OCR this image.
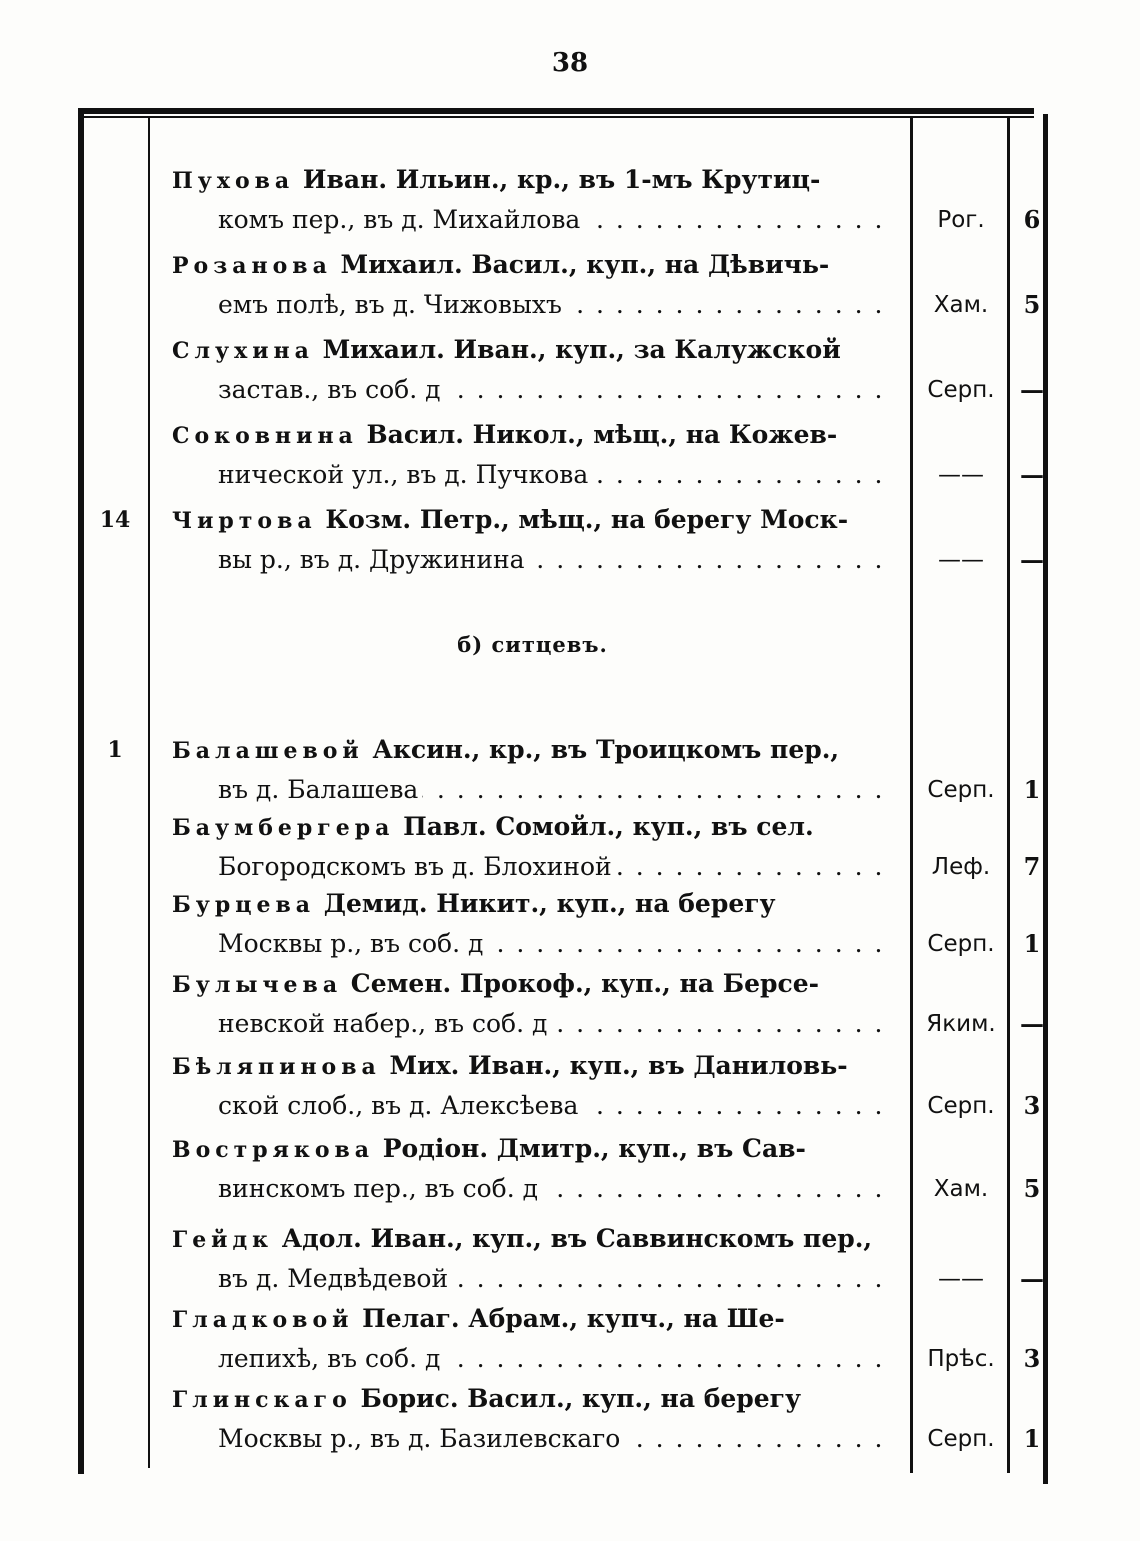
38
Пухова Иван. Ильин., кр., въ 1-мъ Крутиц-
комъ пер., въ д. Михайлова . . .	Рог.	6
Розанова Михаил. Васил., куп., на Дѣвичь-
емъ полѣ, въ д. Чижовыхъ . . .	Хам.	5
Слухина Михаил. Иван., куп., за Калужской
застав., въ соб. д . . .	Серп.	—
Соковнина Васил. Никол., мѣщ., на Кожев-
нической ул., въ д. Пучкова . . .	——	—
14 Чиртова Козм. Петр., мѣщ., на берегу Моск-
вы р., въ д. Дружинина . . .	——	—
1	Балашевой Аксин., кр., въ Троицкомъ пер.,
въ д. Балашева . . .	Серп.	1
Баумбергера Павл. Сомойл., куп., въ сел.
Богородскомъ въ д. Блохиной . . .	Леф.	7
Бурцева Демид. Никит., куп., на берегу
Москвы р., въ соб. д . . .	Серп.	1
Булычева Семен. Прокоф., куп., на Берсе-
невской набер., въ соб. д . . .	Яким.	—
Бѣляпинова Мих. Иван., куп., въ Даниловь-
ской слоб., въ д. Алексѣева . . .	Серп.	3
Вострякова Родіон. Дмитр., куп., въ Сав-
винскомъ пер., въ соб. д . . .	Хам.	5
Гейдк Адол. Иван., куп., въ Саввинскомъ пер.,
въ д. Медвѣдевой . . .	——	—
Гладковой Пелаг. Абрам., купч., на Ше-
лепихѣ, въ соб. д . . .	Прѣс.	3
Глинскаго Борис. Васил., куп., на берегу
Москвы р., въ д. Базилевскаго . . .	Серп.	1
б) ситцевъ.
